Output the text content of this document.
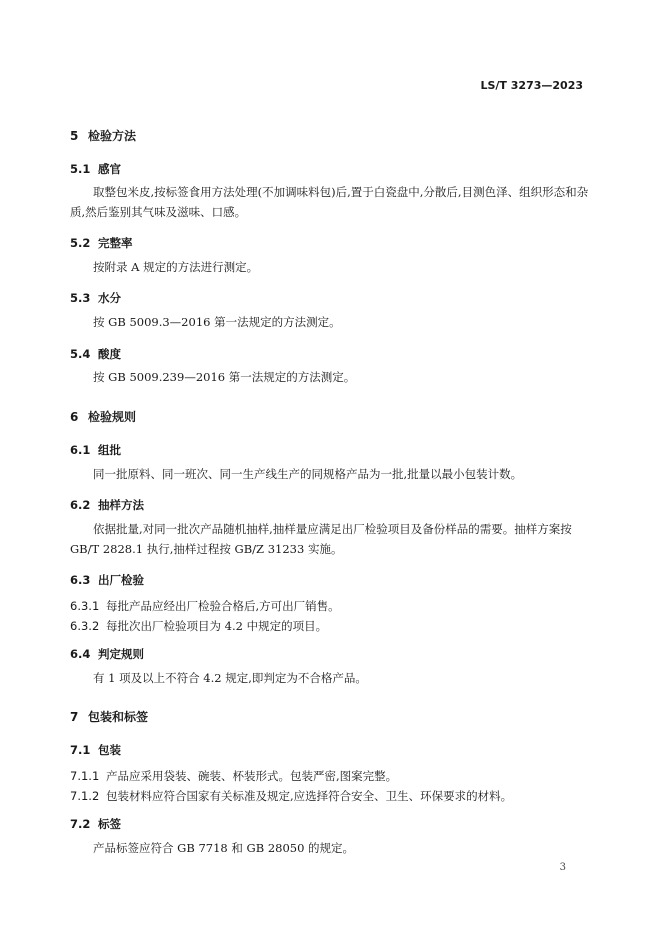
LS/T 3273—2023
5 检验方法
5.1 感官
取整包米皮,按标签食用方法处理(不加调味料包)后,置于白瓷盘中,分散后,目测色泽、组织形态和杂质,然后鉴别其气味及滋味、口感。
5.2 完整率
按附录 A 规定的方法进行测定。
5.3 水分
按 GB 5009.3—2016 第一法规定的方法测定。
5.4 酸度
按 GB 5009.239—2016 第一法规定的方法测定。
6 检验规则
6.1 组批
同一批原料、同一班次、同一生产线生产的同规格产品为一批,批量以最小包装计数。
6.2 抽样方法
依据批量,对同一批次产品随机抽样,抽样量应满足出厂检验项目及备份样品的需要。抽样方案按 GB/T 2828.1 执行,抽样过程按 GB/Z 31233 实施。
6.3 出厂检验
6.3.1 每批产品应经出厂检验合格后,方可出厂销售。
6.3.2 每批次出厂检验项目为 4.2 中规定的项目。
6.4 判定规则
有 1 项及以上不符合 4.2 规定,即判定为不合格产品。
7 包装和标签
7.1 包装
7.1.1 产品应采用袋装、碗装、杯装形式。包装严密,图案完整。
7.1.2 包装材料应符合国家有关标准及规定,应选择符合安全、卫生、环保要求的材料。
7.2 标签
产品标签应符合 GB 7718 和 GB 28050 的规定。
3
